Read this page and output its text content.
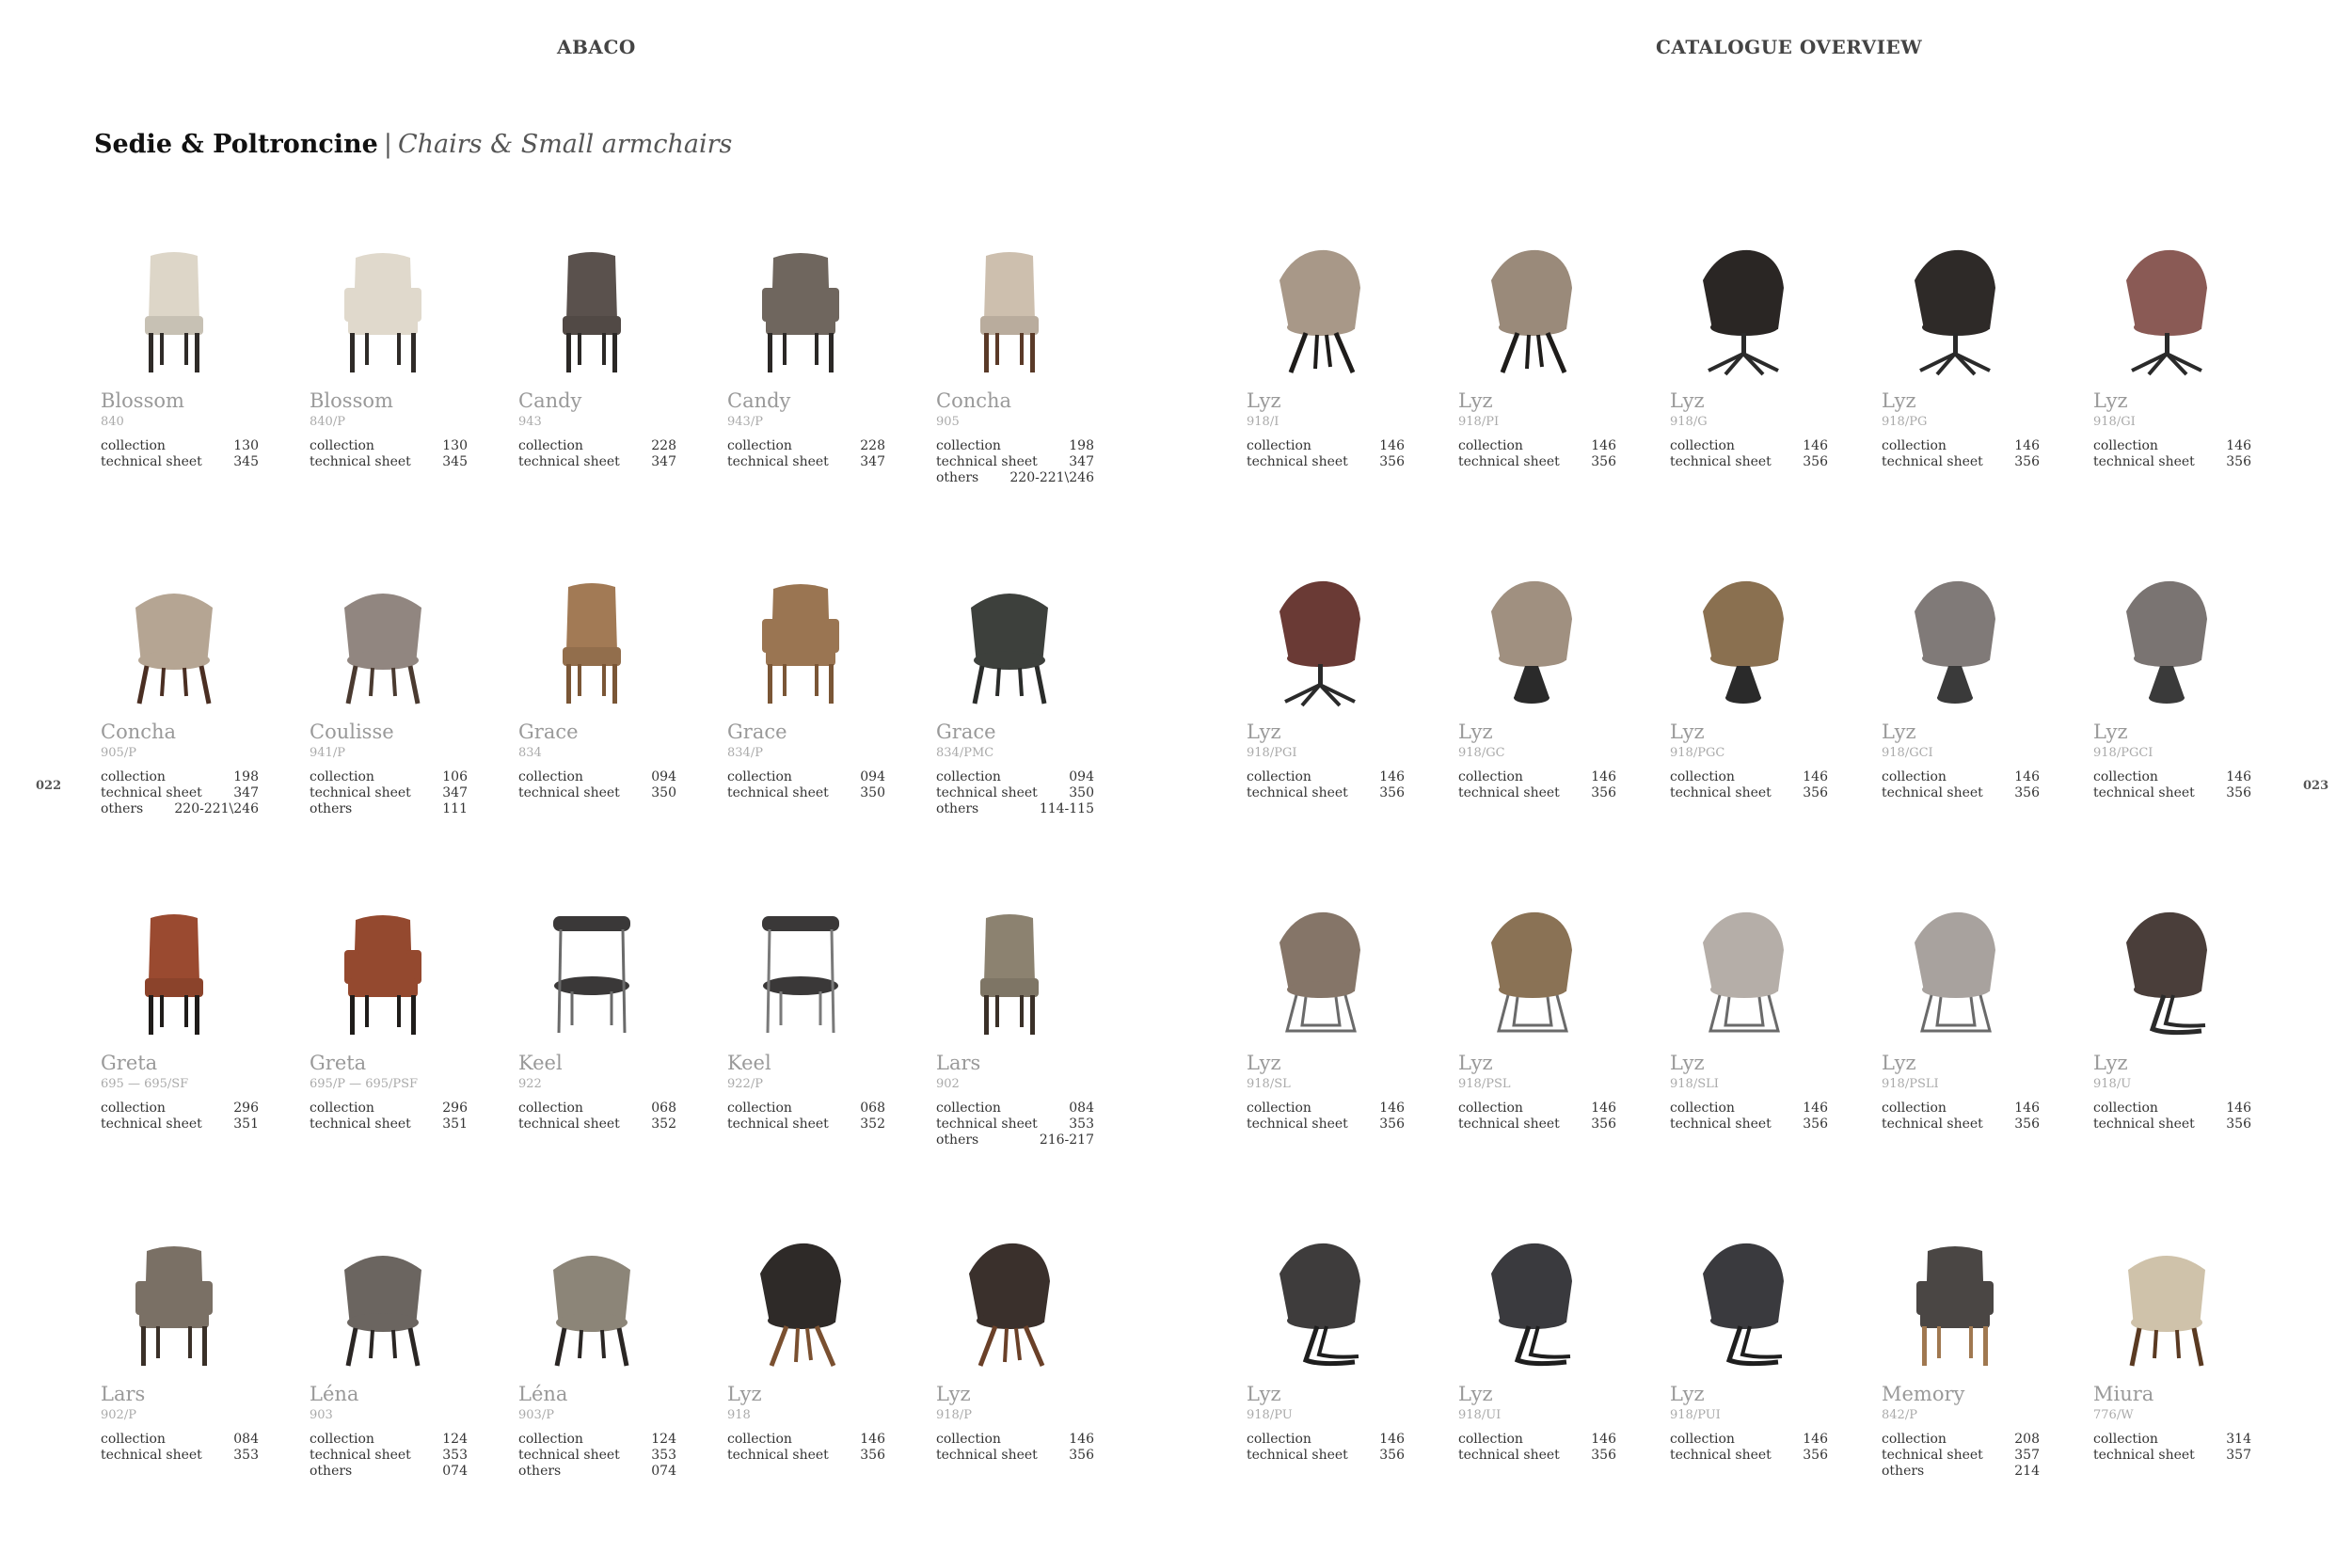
ABACO	CATALOGUE OVERVIEW
Sedie & Poltroncine | Chairs & Small armchairs
022	023
Blossom
840
collection	130
technical sheet 345
Blossom
840/P
collection	130
technical sheet 345
Candy
943
collection	228
technical sheet 347
Candy
943/P
collection	228
technical sheet 347
Concha
905
collection	198
technical sheet 347
others 220-221\246
Concha
905/P
collection	198
technical sheet 347
others 220-221\246
Coulisse
941/P
collection	106
technical sheet 347
others	111
Grace
834
collection	094
technical sheet 350
Grace
834/P
collection	094
technical sheet 350
Grace
834/PMC
collection	094
technical sheet 350
others	114-115
Greta
695 — 695/SF
collection	296
technical sheet 351
Greta
695/P — 695/PSF
collection	296
technical sheet 351
Keel
922
collection	068
technical sheet 352
Keel
922/P
collection	068
technical sheet 352
Lars
902
collection	084
technical sheet 353
others	216-217
Lars
902/P
collection	084
technical sheet 353
Léna
903
collection	124
technical sheet 353
others	074
Léna
903/P
collection	124
technical sheet 353
others	074
Lyz
918
collection	146
technical sheet 356
Lyz
918/P
collection	146
technical sheet 356
Lyz
918/I
collection	146
technical sheet 356
Lyz
918/PI
collection	146
technical sheet 356
Lyz
918/G
collection	146
technical sheet 356
Lyz
918/PG
collection	146
technical sheet 356
Lyz
918/GI
collection	146
technical sheet 356
Lyz
918/PGI
collection	146
technical sheet 356
Lyz
918/GC
collection	146
technical sheet 356
Lyz
918/PGC
collection	146
technical sheet 356
Lyz
918/GCI
collection	146
technical sheet 356
Lyz
918/PGCI
collection	146
technical sheet 356
Lyz
918/SL
collection	146
technical sheet 356
Lyz
918/PSL
collection	146
technical sheet 356
Lyz
918/SLI
collection	146
technical sheet 356
Lyz
918/PSLI
collection	146
technical sheet 356
Lyz
918/U
collection	146
technical sheet 356
Lyz
918/PU
collection	146
technical sheet 356
Lyz
918/UI
collection	146
technical sheet 356
Lyz
918/PUI
collection	146
technical sheet 356
Memory
842/P
collection	208
technical sheet 357
others	214
Miura
776/W
collection	314
technical sheet 357
